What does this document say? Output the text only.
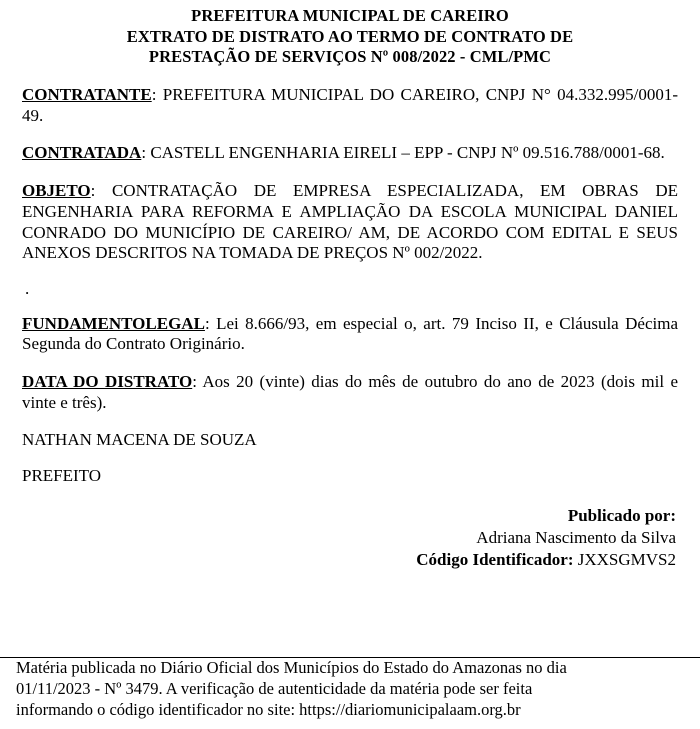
PREFEITURA MUNICIPAL DE CAREIRO
EXTRATO DE DISTRATO AO TERMO DE CONTRATO DE
PRESTAÇÃO DE SERVIÇOS Nº 008/2022 - CML/PMC
CONTRATANTE: PREFEITURA MUNICIPAL DO CAREIRO, CNPJ N° 04.332.995/0001-49.
CONTRATADA: CASTELL ENGENHARIA EIRELI – EPP - CNPJ Nº 09.516.788/0001-68.
OBJETO: CONTRATAÇÃO DE EMPRESA ESPECIALIZADA, EM OBRAS DE ENGENHARIA PARA REFORMA E AMPLIAÇÃO DA ESCOLA MUNICIPAL DANIEL CONRADO DO MUNICÍPIO DE CAREIRO/ AM, DE ACORDO COM EDITAL E SEUS ANEXOS DESCRITOS NA TOMADA DE PREÇOS Nº 002/2022.
.
FUNDAMENTOLEGAL: Lei 8.666/93, em especial o, art. 79 Inciso II, e Cláusula Décima Segunda do Contrato Originário.
DATA DO DISTRATO: Aos 20 (vinte) dias do mês de outubro do ano de 2023 (dois mil e vinte e três).
NATHAN MACENA DE SOUZA
PREFEITO
Publicado por:
Adriana Nascimento da Silva
Código Identificador: JXXSGMVS2
Matéria publicada no Diário Oficial dos Municípios do Estado do Amazonas no dia
01/11/2023 - Nº 3479. A verificação de autenticidade da matéria pode ser feita
informando o código identificador no site: https://diariomunicipalaam.org.br
